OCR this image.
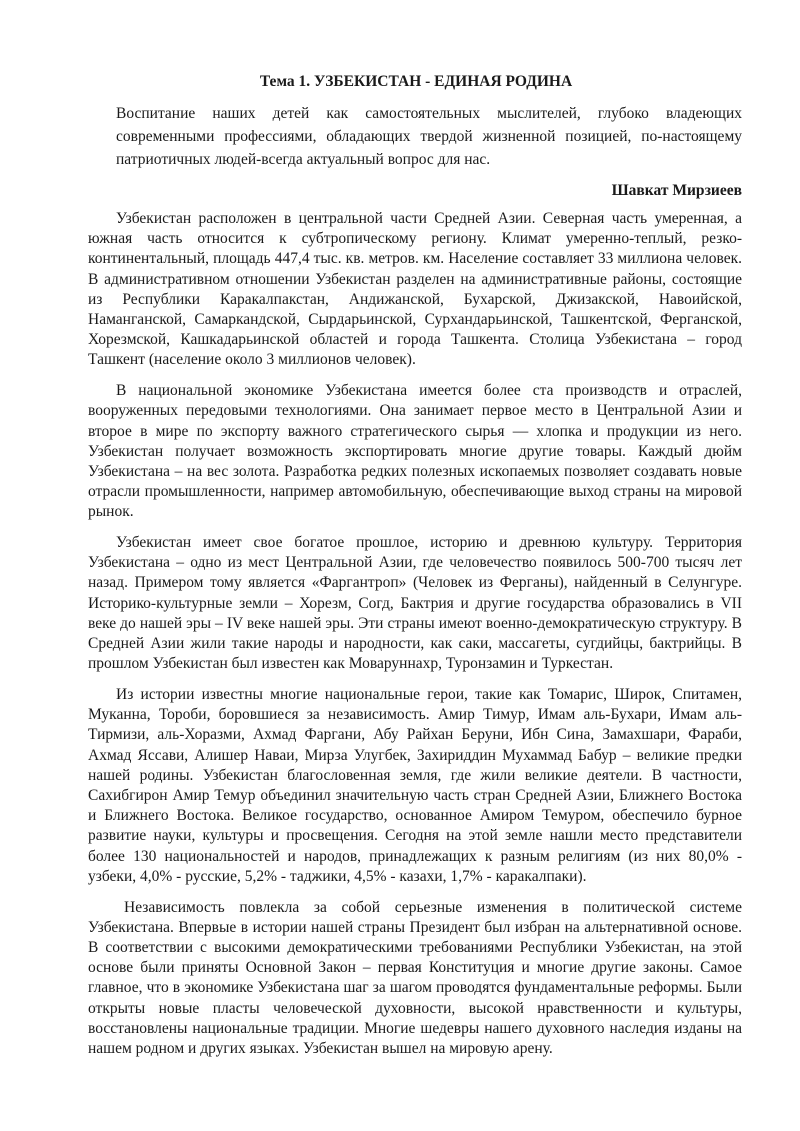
Тема 1. УЗБЕКИСТАН - ЕДИНАЯ РОДИНА
Воспитание наших детей как самостоятельных мыслителей, глубоко владеющих современными профессиями, обладающих твердой жизненной позицией, по-настоящему патриотичных людей-всегда актуальный вопрос для нас.
Шавкат Мирзиеев

Узбекистан расположен в центральной части Средней Азии. Северная часть умеренная, а южная часть относится к субтропическому региону. Климат умеренно-теплый, резко-континентальный, площадь 447,4 тыс. кв. метров. км. Население составляет 33 миллиона человек. В административном отношении Узбекистан разделен на административные районы, состоящие из Республики Каракалпакстан, Андижанской, Бухарской, Джизакской, Навоийской, Наманганской, Самаркандской, Сырдарьинской, Сурхандарьинской, Ташкентской, Ферганской, Хорезмской, Кашкадарьинской областей и города Ташкента. Столица Узбекистана – город Ташкент (население около 3 миллионов человек).

В национальной экономике Узбекистана имеется более ста производств и отраслей, вооруженных передовыми технологиями. Она занимает первое место в Центральной Азии и второе в мире по экспорту важного стратегического сырья — хлопка и продукции из него. Узбекистан получает возможность экспортировать многие другие товары. Каждый дюйм Узбекистана – на вес золота. Разработка редких полезных ископаемых позволяет создавать новые отрасли промышленности, например автомобильную, обеспечивающие выход страны на мировой рынок.

Узбекистан имеет свое богатое прошлое, историю и древнюю культуру. Территория Узбекистана – одно из мест Центральной Азии, где человечество появилось 500-700 тысяч лет назад. Примером тому является «Фаргантроп» (Человек из Ферганы), найденный в Селунгуре. Историко-культурные земли – Хорезм, Согд, Бактрия и другие государства образовались в VII веке до нашей эры – IV веке нашей эры. Эти страны имеют военно-демократическую структуру. В Средней Азии жили такие народы и народности, как саки, массагеты, сугдийцы, бактрийцы. В прошлом Узбекистан был известен как Моваруннахр, Туронзамин и Туркестан.

Из истории известны многие национальные герои, такие как Томарис, Широк, Спитамен, Муканна, Тороби, боровшиеся за независимость. Амир Тимур, Имам аль-Бухари, Имам аль-Тирмизи, аль-Хоразми, Ахмад Фаргани, Абу Райхан Беруни, Ибн Сина, Замахшари, Фараби, Ахмад Яссави, Алишер Наваи, Мирза Улугбек, Захириддин Мухаммад Бабур – великие предки нашей родины. Узбекистан благословенная земля, где жили великие деятели. В частности, Сахибгирон Амир Темур объединил значительную часть стран Средней Азии, Ближнего Востока и Ближнего Востока. Великое государство, основанное Амиром Темуром, обеспечило бурное развитие науки, культуры и просвещения. Сегодня на этой земле нашли место представители более 130 национальностей и народов, принадлежащих к разным религиям (из них 80,0% - узбеки, 4,0% - русские, 5,2% - таджики, 4,5% - казахи, 1,7% - каракалпаки).

Независимость повлекла за собой серьезные изменения в политической системе Узбекистана. Впервые в истории нашей страны Президент был избран на альтернативной основе. В соответствии с высокими демократическими требованиями Республики Узбекистан, на этой основе были приняты Основной Закон – первая Конституция и многие другие законы. Самое главное, что в экономике Узбекистана шаг за шагом проводятся фундаментальные реформы. Были открыты новые пласты человеческой духовности, высокой нравственности и культуры, восстановлены национальные традиции. Многие шедевры нашего духовного наследия изданы на нашем родном и других языках. Узбекистан вышел на мировую арену.
